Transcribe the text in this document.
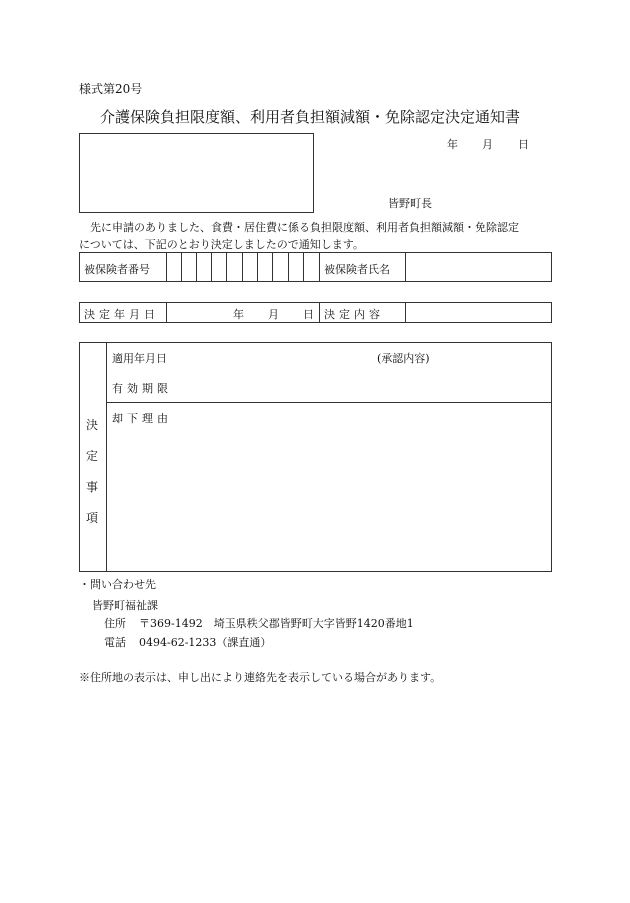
様式第20号
介護保険負担限度額、利用者負担額減額・免除認定決定通知書
年 月 日
皆野町長
先に申請のありました、食費・居住費に係る負担限度額、利用者負担額減額・免除認定
については、下記のとおり決定しましたので通知します。
被保険者番号	被保険者氏名
決定年月日	年 月 日 決定内容
決
定
事
項
適用年月日	(承認内容)
有効期限
却下理由
・問い合わせ先
皆野町福祉課
住所 〒369-1492　埼玉県秩父郡皆野町大字皆野1420番地1
電話 0494-62-1233（課直通）
※住所地の表示は、申し出により連絡先を表示している場合があります。
